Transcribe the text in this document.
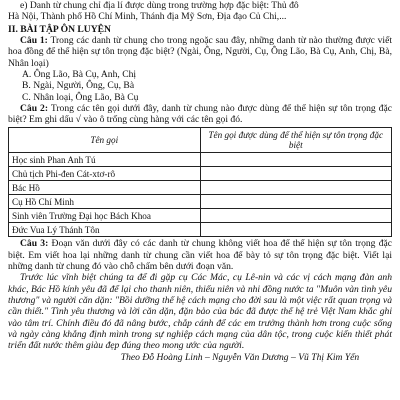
e) Danh từ chung chỉ địa lí được dùng trong trường hợp đặc biệt: Thủ đô

Hà Nội, Thành phố Hồ Chí Minh, Thánh địa Mỹ Sơn, Địa đạo Củ Chi,...

II. BÀI TẬP ÔN LUYỆN

Câu 1: Trong các danh từ chung cho trong ngoặc sau đây, những danh từ nào thường được viết hoa đồng để thể hiện sự tôn trọng đặc biệt? (Ngài, Ông, Người, Cụ, Ông Lão, Bà Cụ, Anh, Chị, Bà, Nhân loại)

A. Ông Lão, Bà Cụ, Anh, Chị

B. Ngài, Người, Ông, Cụ, Bà

C. Nhân loại, Ông Lão, Bà Cụ

Câu 2: Trong các tên gọi dưới đây, danh từ chung nào được dùng để thể hiện sự tôn trọng đặc biệt? Em ghi dấu √ vào ô trống cùng hàng với các tên gọi đó.

Tên gọi	Tên gọi được dùng để thể hiện sự tôn trọng đặc biệt
Học sinh Phan Anh Tú	
Chủ tịch Phi-đen Cát-xtơ-rô	
Bác Hồ	
Cụ Hồ Chí Minh	
Sinh viên Trường Đại học Bách Khoa	
Đức Vua Lý Thánh Tôn	

Câu 3: Đoạn văn dưới đây có các danh từ chung không viết hoa để thể hiện sự tôn trọng đặc biệt. Em viết hoa lại những danh từ chung cần viết hoa để bày tỏ sự tôn trọng đặc biệt. Viết lại những danh từ chung đó vào chỗ chấm bên dưới đoạn văn.

Trước lúc vĩnh biệt chúng ta để đi gặp cụ Các Mác, cụ Lê-nin và các vị cách mạng đàn anh khác, Bác Hồ kính yêu đã để lại cho thanh niên, thiếu niên và nhi đồng nước ta "Muôn vàn tình yêu thương" và người căn dặn: "Bồi dưỡng thế hệ cách mạng cho đời sau là một việc rất quan trọng và cần thiết." Tình yêu thương và lời căn dặn, đặn bảo của bác đã được thế hệ trẻ Việt Nam khắc ghi vào tâm trí. Chính điều đó đã nâng bước, chắp cánh để các em trưởng thành hơn trong cuộc sống và ngày càng khẳng định mình trong sự nghiệp cách mạng của dân tộc, trong cuộc kiến thiết phát triển đất nước thêm giàu đẹp đúng theo mong ước của người.

Theo Đỗ Hoàng Linh – Nguyễn Văn Dương – Vũ Thị Kim Yến
